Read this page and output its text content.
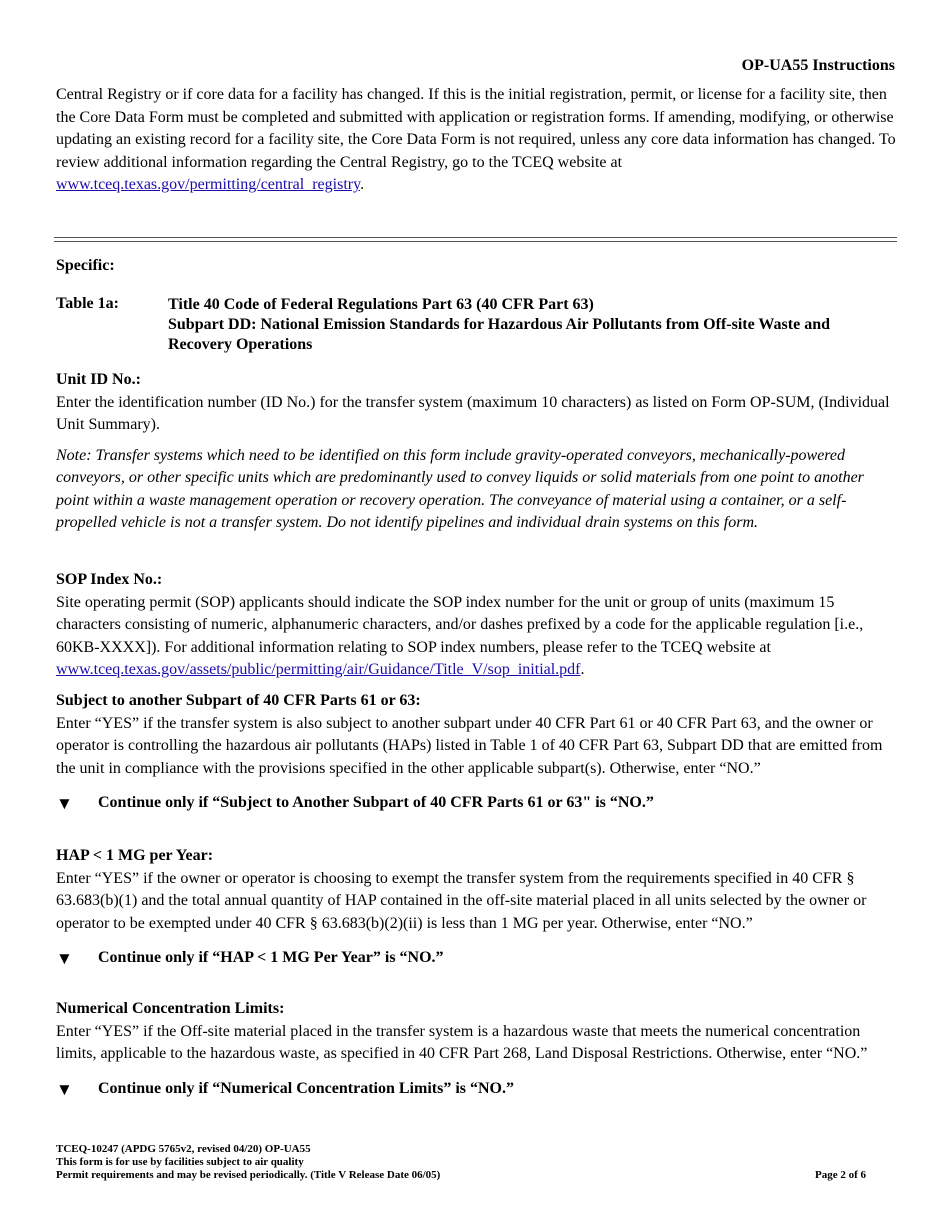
OP-UA55 Instructions
Central Registry or if core data for a facility has changed. If this is the initial registration, permit, or license for a facility site, then the Core Data Form must be completed and submitted with application or registration forms. If amending, modifying, or otherwise updating an existing record for a facility site, the Core Data Form is not required, unless any core data information has changed. To review additional information regarding the Central Registry, go to the TCEQ website at www.tceq.texas.gov/permitting/central_registry.
Specific:
Table 1a:	Title 40 Code of Federal Regulations Part 63 (40 CFR Part 63)
Subpart DD: National Emission Standards for Hazardous Air Pollutants from Off-site Waste and Recovery Operations

Unit ID No.:

Enter the identification number (ID No.) for the transfer system (maximum 10 characters) as listed on Form OP-SUM, (Individual Unit Summary).

Note: Transfer systems which need to be identified on this form include gravity-operated conveyors, mechanically-powered conveyors, or other specific units which are predominantly used to convey liquids or solid materials from one point to another point within a waste management operation or recovery operation. The conveyance of material using a container, or a self-propelled vehicle is not a transfer system. Do not identify pipelines and individual drain systems on this form.

SOP Index No.:

Site operating permit (SOP) applicants should indicate the SOP index number for the unit or group of units (maximum 15 characters consisting of numeric, alphanumeric characters, and/or dashes prefixed by a code for the applicable regulation [i.e., 60KB-XXXX]). For additional information relating to SOP index numbers, please refer to the TCEQ website at www.tceq.texas.gov/assets/public/permitting/air/Guidance/Title_V/sop_initial.pdf.

Subject to another Subpart of 40 CFR Parts 61 or 63:

Enter “YES” if the transfer system is also subject to another subpart under 40 CFR Part 61 or 40 CFR Part 63, and the owner or operator is controlling the hazardous air pollutants (HAPs) listed in Table 1 of 40 CFR Part 63, Subpart DD that are emitted from the unit in compliance with the provisions specified in the other applicable subpart(s). Otherwise, enter “NO.”

▼	Continue only if “Subject to Another Subpart of 40 CFR Parts 61 or 63" is “NO.”

HAP < 1 MG per Year:

Enter “YES” if the owner or operator is choosing to exempt the transfer system from the requirements specified in 40 CFR § 63.683(b)(1) and the total annual quantity of HAP contained in the off-site material placed in all units selected by the owner or operator to be exempted under 40 CFR § 63.683(b)(2)(ii) is less than 1 MG per year. Otherwise, enter “NO.”

▼	Continue only if “HAP < 1 MG Per Year” is “NO.”

Numerical Concentration Limits:

Enter “YES” if the Off-site material placed in the transfer system is a hazardous waste that meets the numerical concentration limits, applicable to the hazardous waste, as specified in 40 CFR Part 268, Land Disposal Restrictions. Otherwise, enter “NO.”

▼	Continue only if “Numerical Concentration Limits” is “NO.”
TCEQ-10247 (APDG 5765v2, revised 04/20) OP-UA55
This form is for use by facilities subject to air quality
Permit requirements and may be revised periodically. (Title V Release Date 06/05)	Page 2 of 6
